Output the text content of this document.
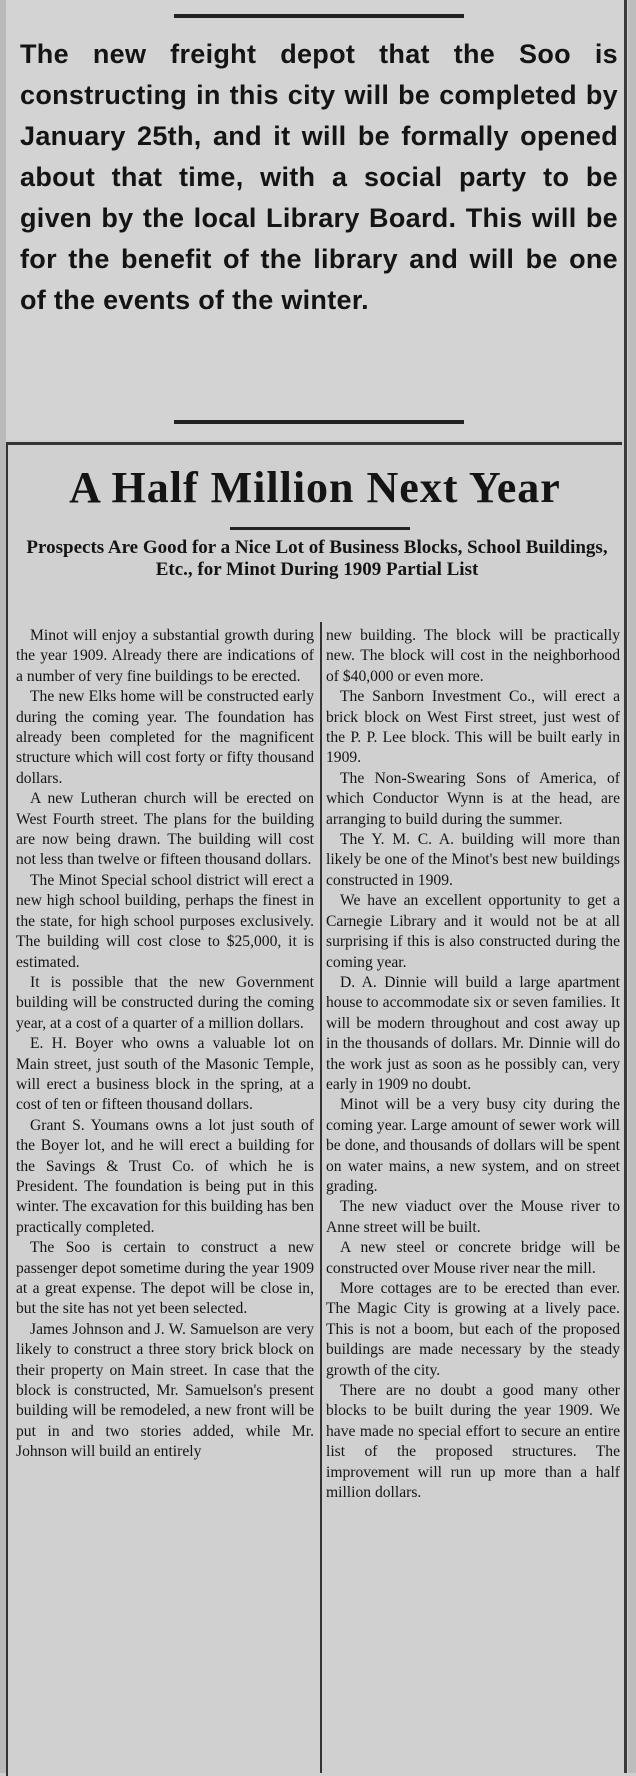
The new freight depot that the Soo is constructing in this city will be completed by January 25th, and it will be formally opened about that time, with a social party to be given by the local Library Board. This will be for the benefit of the library and will be one of the events of the winter.
A Half Million Next Year
Prospects Are Good for a Nice Lot of Business Blocks, School Buildings, Etc., for Minot During 1909 Partial List

Minot will enjoy a substantial growth during the year 1909. Already there are indications of a number of very fine buildings to be erected.

The new Elks home will be constructed early during the coming year. The foundation has already been completed for the magnificent structure which will cost forty or fifty thousand dollars.

A new Lutheran church will be erected on West Fourth street. The plans for the building are now being drawn. The building will cost not less than twelve or fifteen thousand dollars.

The Minot Special school district will erect a new high school building, perhaps the finest in the state, for high school purposes exclusively. The building will cost close to $25,000, it is estimated.

It is possible that the new Government building will be constructed during the coming year, at a cost of a quarter of a million dollars.

E. H. Boyer who owns a valuable lot on Main street, just south of the Masonic Temple, will erect a business block in the spring, at a cost of ten or fifteen thousand dollars.

Grant S. Youmans owns a lot just south of the Boyer lot, and he will erect a building for the Savings & Trust Co. of which he is President. The foundation is being put in this winter. The excavation for this building has ben practically completed.

The Soo is certain to construct a new passenger depot sometime during the year 1909 at a great expense. The depot will be close in, but the site has not yet been selected.

James Johnson and J. W. Samuelson are very likely to construct a three story brick block on their property on Main street. In case that the block is constructed, Mr. Samuelson's present building will be remodeled, a new front will be put in and two stories added, while Mr. Johnson will build an entirely

new building. The block will be practically new. The block will cost in the neighborhood of $40,000 or even more.

The Sanborn Investment Co., will erect a brick block on West First street, just west of the P. P. Lee block. This will be built early in 1909.

The Non-Swearing Sons of America, of which Conductor Wynn is at the head, are arranging to build during the summer.

The Y. M. C. A. building will more than likely be one of the Minot's best new buildings constructed in 1909.

We have an excellent opportunity to get a Carnegie Library and it would not be at all surprising if this is also constructed during the coming year.

D. A. Dinnie will build a large apartment house to accommodate six or seven families. It will be modern throughout and cost away up in the thousands of dollars. Mr. Dinnie will do the work just as soon as he possibly can, very early in 1909 no doubt.

Minot will be a very busy city during the coming year. Large amount of sewer work will be done, and thousands of dollars will be spent on water mains, a new system, and on street grading.

The new viaduct over the Mouse river to Anne street will be built.

A new steel or concrete bridge will be constructed over Mouse river near the mill.

More cottages are to be erected than ever. The Magic City is growing at a lively pace. This is not a boom, but each of the proposed buildings are made necessary by the steady growth of the city.

There are no doubt a good many other blocks to be built during the year 1909. We have made no special effort to secure an entire list of the proposed structures. The improvement will run up more than a half million dollars.
